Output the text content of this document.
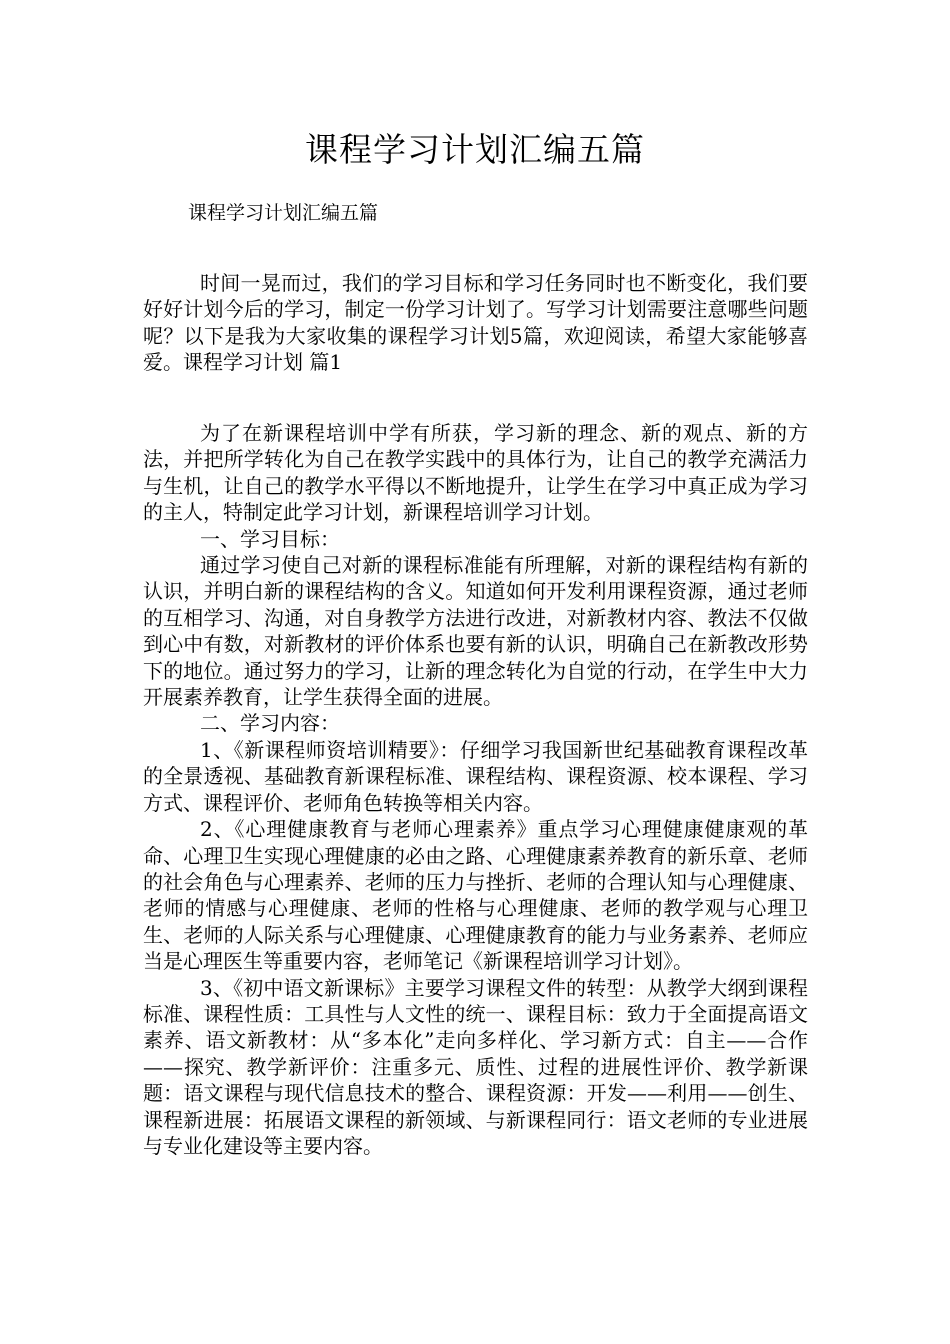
课程学习计划汇编五篇
课程学习计划汇编五篇

时间一晃而过，我们的学习目标和学习任务同时也不断变化，我们要好好计划今后的学习，制定一份学习计划了。写学习计划需要注意哪些问题呢？以下是我为大家收集的课程学习计划5篇，欢迎阅读，希望大家能够喜爱。课程学习计划 篇1

为了在新课程培训中学有所获，学习新的理念、新的观点、新的方法，并把所学转化为自己在教学实践中的具体行为，让自己的教学充满活力与生机，让自己的教学水平得以不断地提升，让学生在学习中真正成为学习的主人，特制定此学习计划，新课程培训学习计划。

一、学习目标：

通过学习使自己对新的课程标准能有所理解，对新的课程结构有新的认识，并明白新的课程结构的含义。知道如何开发利用课程资源，通过老师的互相学习、沟通，对自身教学方法进行改进，对新教材内容、教法不仅做到心中有数，对新教材的评价体系也要有新的认识，明确自己在新教改形势下的地位。通过努力的学习，让新的理念转化为自觉的行动，在学生中大力开展素养教育，让学生获得全面的进展。

二、学习内容：

1、《新课程师资培训精要》：仔细学习我国新世纪基础教育课程改革的全景透视、基础教育新课程标准、课程结构、课程资源、校本课程、学习方式、课程评价、老师角色转换等相关内容。

2、《心理健康教育与老师心理素养》重点学习心理健康健康观的革命、心理卫生实现心理健康的必由之路、心理健康素养教育的新乐章、老师的社会角色与心理素养、老师的压力与挫折、老师的合理认知与心理健康、老师的情感与心理健康、老师的性格与心理健康、老师的教学观与心理卫生、老师的人际关系与心理健康、心理健康教育的能力与业务素养、老师应当是心理医生等重要内容，老师笔记《新课程培训学习计划》。

3、《初中语文新课标》主要学习课程文件的转型：从教学大纲到课程标准、课程性质：工具性与人文性的统一、课程目标：致力于全面提高语文素养、语文新教材：从“多本化”走向多样化、学习新方式：自主——合作——探究、教学新评价：注重多元、质性、过程的进展性评价、教学新课题：语文课程与现代信息技术的整合、课程资源：开发——利用——创生、课程新进展：拓展语文课程的新领域、与新课程同行：语文老师的专业进展与专业化建设等主要内容。
